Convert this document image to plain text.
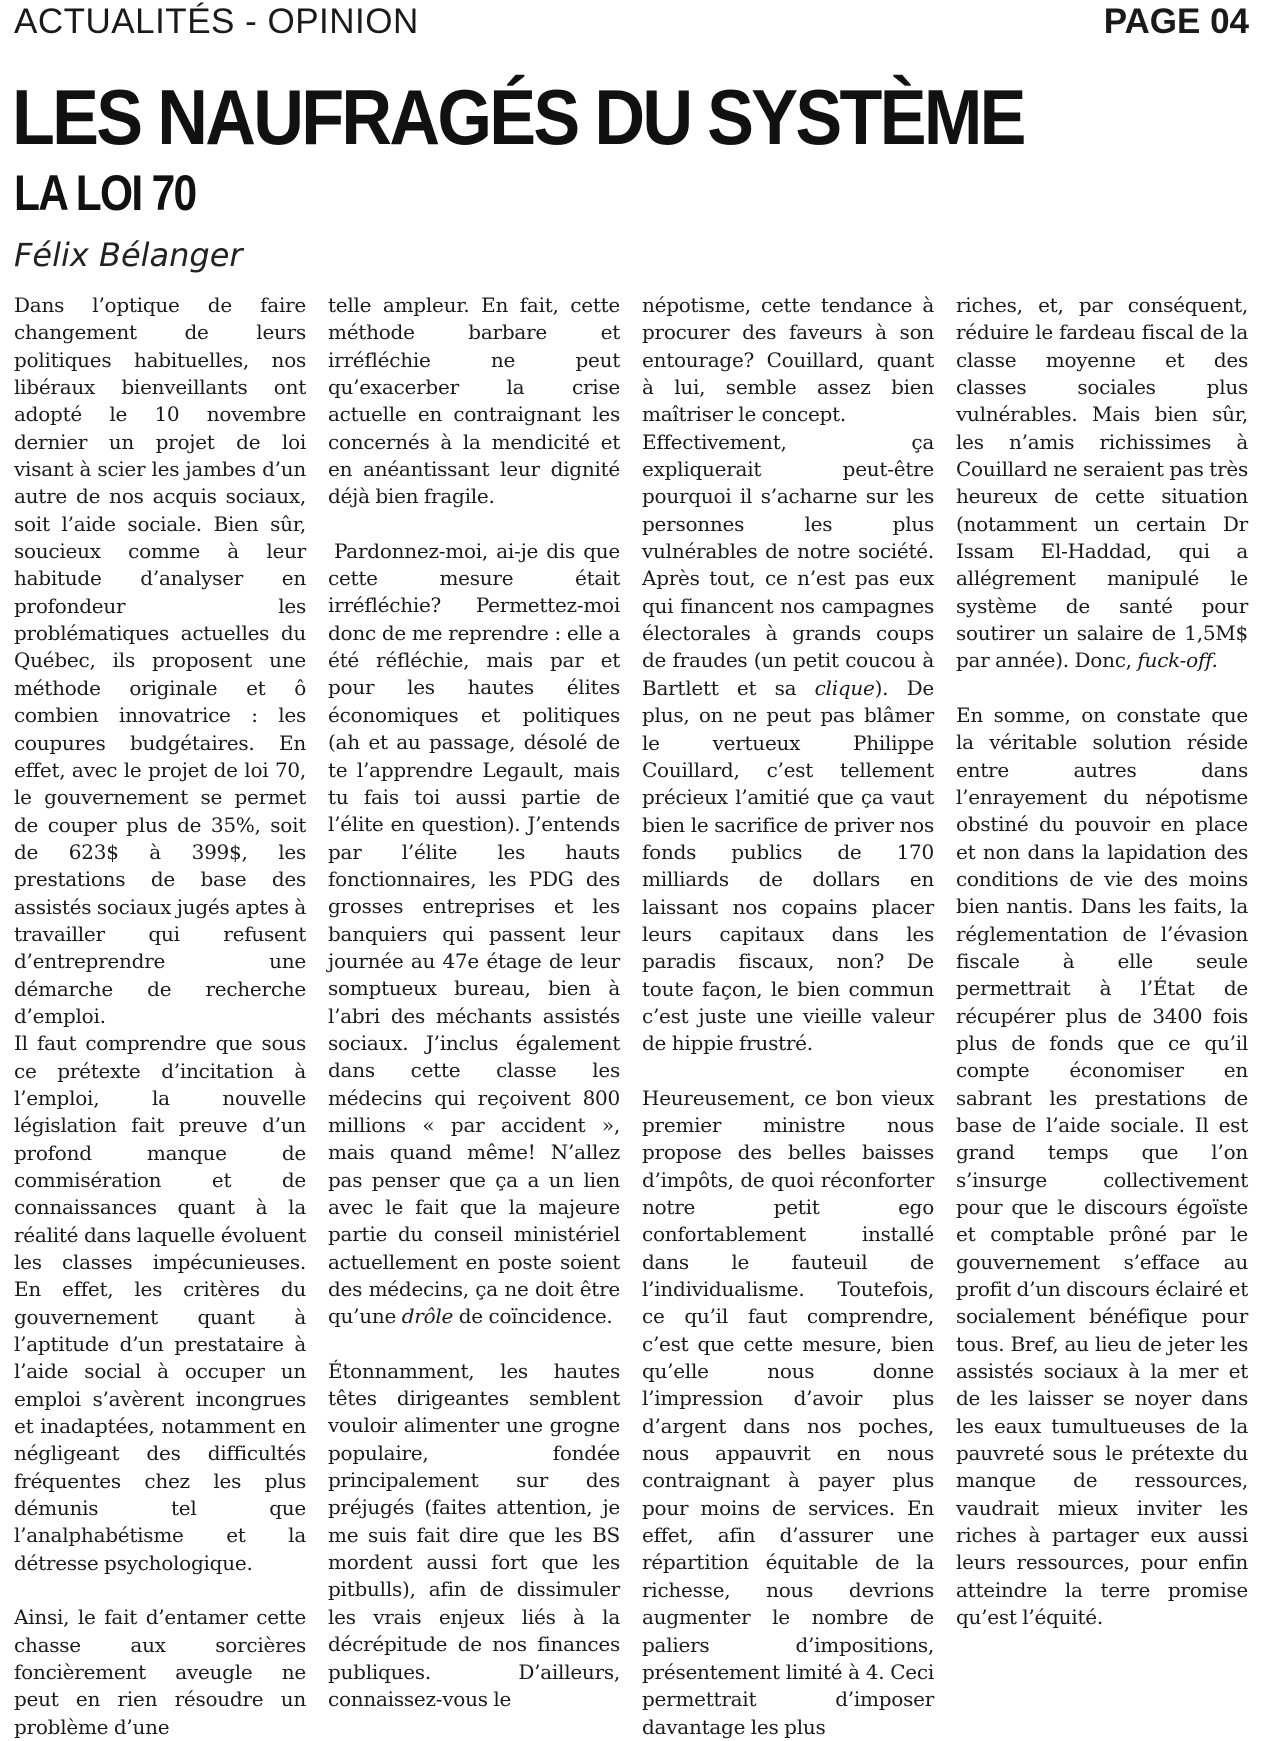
ACTUALITÉS - OPINION	PAGE 04
LES NAUFRAGÉS DU SYSTÈME
LA LOI 70
Félix Bélanger

Dans l’optique de faire changement de leurs politiques habituelles, nos libéraux bienveillants ont adopté le 10 novembre dernier un projet de loi visant à scier les jambes d’un autre de nos acquis sociaux, soit l’aide sociale. Bien sûr, soucieux comme à leur habitude d’analyser en profondeur les problématiques actuelles du Québec, ils proposent une méthode originale et ô combien innovatrice : les coupures budgétaires. En effet, avec le projet de loi 70, le gouvernement se permet de couper plus de 35%, soit de 623$ à 399$, les prestations de base des assistés sociaux jugés aptes à travailler qui refusent d’entreprendre une démarche de recherche d’emploi.

Il faut comprendre que sous ce prétexte d’incitation à l’emploi, la nouvelle législation fait preuve d’un profond manque de commisération et de connaissances quant à la réalité dans laquelle évoluent les classes impécunieuses. En effet, les critères du gouvernement quant à l’aptitude d’un prestataire à l’aide social à occuper un emploi s’avèrent incongrues et inadaptées, notamment en négligeant des difficultés fréquentes chez les plus démunis tel que l’analphabétisme et la détresse psychologique.

Ainsi, le fait d’entamer cette chasse aux sorcières foncièrement aveugle ne peut en rien résoudre un problème d’une

telle ampleur. En fait, cette méthode barbare et irréfléchie ne peut qu’exacerber la crise actuelle en contraignant les concernés à la mendicité et en anéantissant leur dignité déjà bien fragile.

Pardonnez-moi, ai-je dis que cette mesure était irréfléchie? Permettez-moi donc de me reprendre : elle a été réfléchie, mais par et pour les hautes élites économiques et politiques (ah et au passage, désolé de te l’apprendre Legault, mais tu fais toi aussi partie de l’élite en question). J’entends par l’élite les hauts fonctionnaires, les PDG des grosses entreprises et les banquiers qui passent leur journée au 47e étage de leur somptueux bureau, bien à l’abri des méchants assistés sociaux. J’inclus également dans cette classe les médecins qui reçoivent 800 millions « par accident », mais quand même! N’allez pas penser que ça a un lien avec le fait que la majeure partie du conseil ministériel actuellement en poste soient des médecins, ça ne doit être qu’une drôle de coïncidence.

Étonnamment, les hautes têtes dirigeantes semblent vouloir alimenter une grogne populaire, fondée principalement sur des préjugés (faites attention, je me suis fait dire que les BS mordent aussi fort que les pitbulls), afin de dissimuler les vrais enjeux liés à la décrépitude de nos finances publiques. D’ailleurs, connaissez-vous le

népotisme, cette tendance à procurer des faveurs à son entourage? Couillard, quant à lui, semble assez bien maîtriser le concept.

Effectivement, ça expliquerait peut-être pourquoi il s’acharne sur les personnes les plus vulnérables de notre société. Après tout, ce n’est pas eux qui financent nos campagnes électorales à grands coups de fraudes (un petit coucou à Bartlett et sa clique). De plus, on ne peut pas blâmer le vertueux Philippe Couillard, c’est tellement précieux l’amitié que ça vaut bien le sacrifice de priver nos fonds publics de 170 milliards de dollars en laissant nos copains placer leurs capitaux dans les paradis fiscaux, non? De toute façon, le bien commun c’est juste une vieille valeur de hippie frustré.

Heureusement, ce bon vieux premier ministre nous propose des belles baisses d’impôts, de quoi réconforter notre petit ego confortablement installé dans le fauteuil de l’individualisme. Toutefois, ce qu’il faut comprendre, c’est que cette mesure, bien qu’elle nous donne l’impression d’avoir plus d’argent dans nos poches, nous appauvrit en nous contraignant à payer plus pour moins de services. En effet, afin d’assurer une répartition équitable de la richesse, nous devrions augmenter le nombre de paliers d’impositions, présentement limité à 4. Ceci permettrait d’imposer davantage les plus

riches, et, par conséquent, réduire le fardeau fiscal de la classe moyenne et des classes sociales plus vulnérables. Mais bien sûr, les n’amis richissimes à Couillard ne seraient pas très heureux de cette situation (notamment un certain Dr Issam El-Haddad, qui a allégrement manipulé le système de santé pour soutirer un salaire de 1,5M$ par année). Donc, fuck-off.

En somme, on constate que la véritable solution réside entre autres dans l’enrayement du népotisme obstiné du pouvoir en place et non dans la lapidation des conditions de vie des moins bien nantis. Dans les faits, la réglementation de l’évasion fiscale à elle seule permettrait à l’État de récupérer plus de 3400 fois plus de fonds que ce qu’il compte économiser en sabrant les prestations de base de l’aide sociale. Il est grand temps que l’on s’insurge collectivement pour que le discours égoïste et comptable prôné par le gouvernement s’efface au profit d’un discours éclairé et socialement bénéfique pour tous. Bref, au lieu de jeter les assistés sociaux à la mer et de les laisser se noyer dans les eaux tumultueuses de la pauvreté sous le prétexte du manque de ressources, vaudrait mieux inviter les riches à partager eux aussi leurs ressources, pour enfin atteindre la terre promise qu’est l’équité.
